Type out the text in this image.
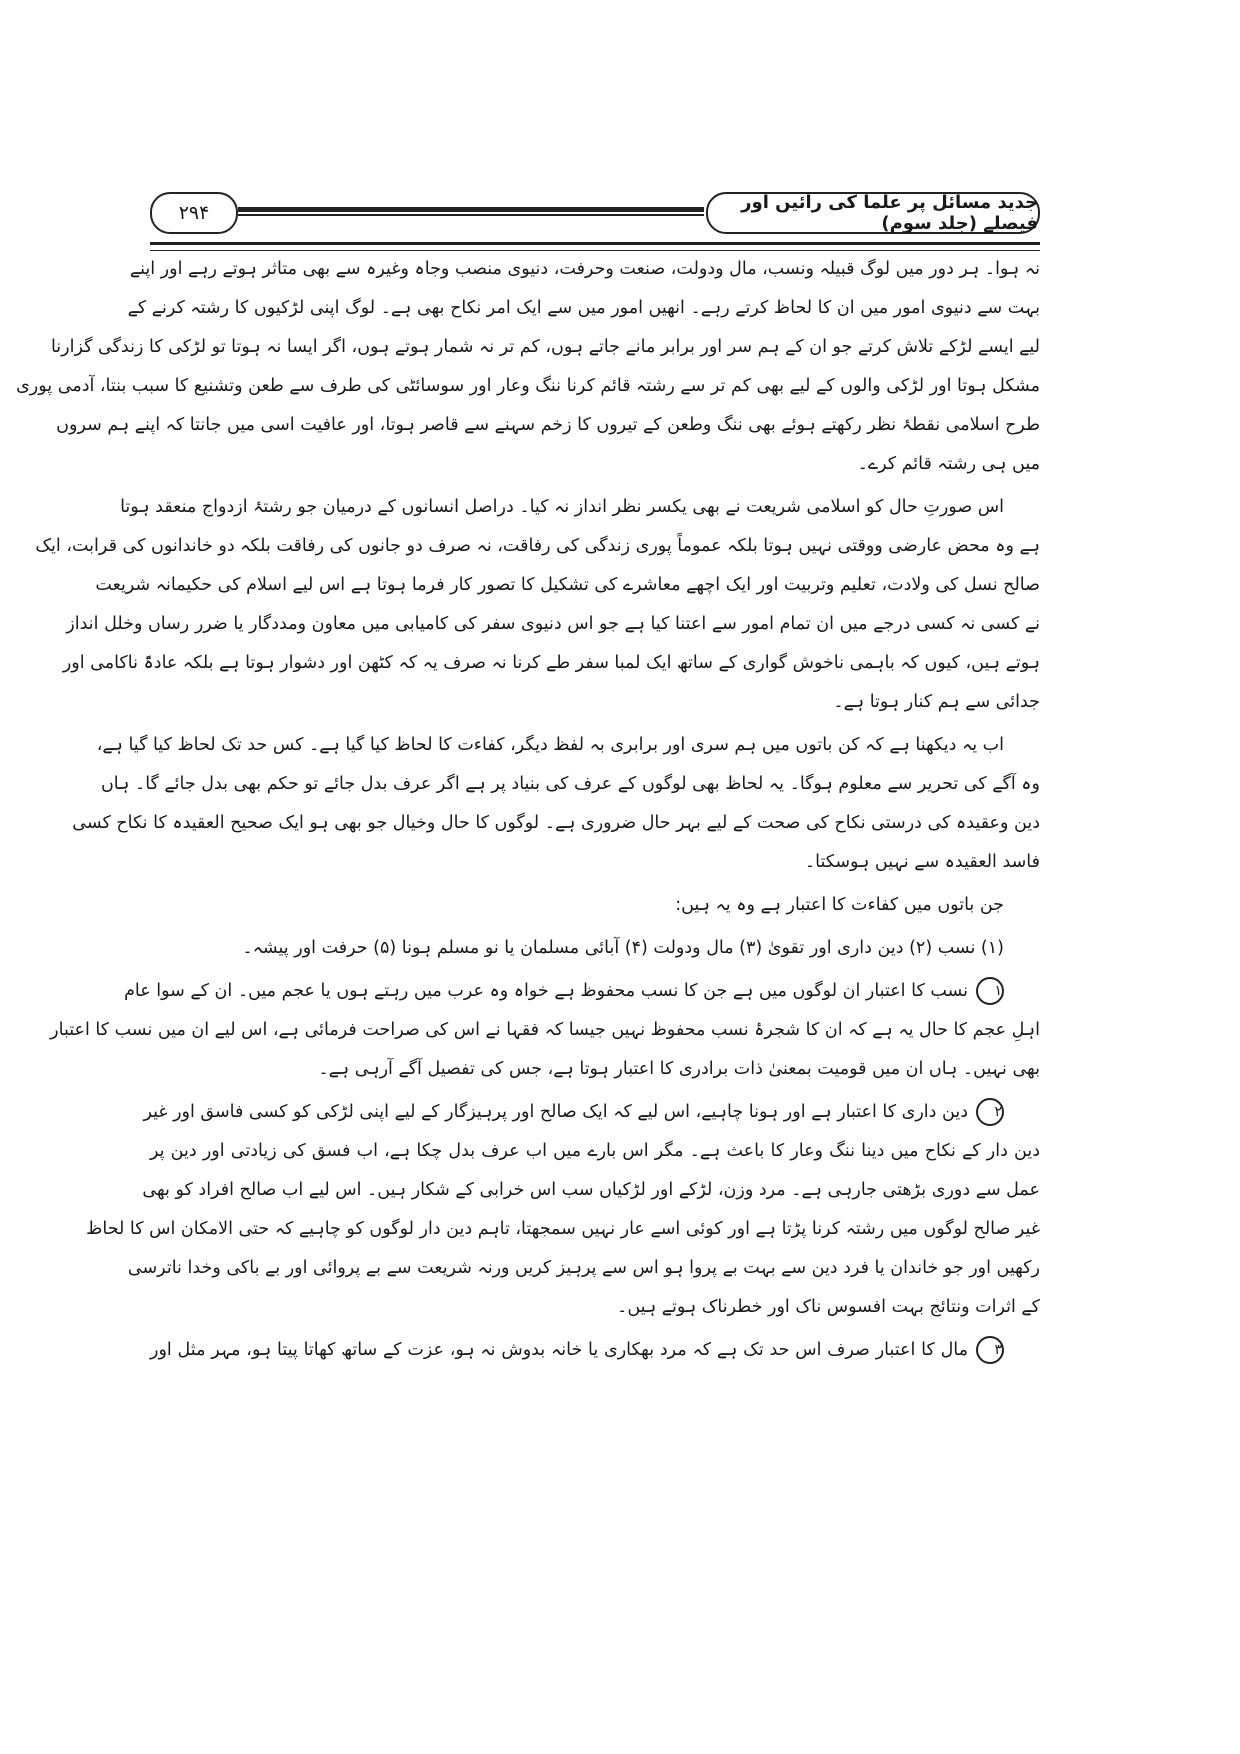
۲۹۴	جدید مسائل پر علما کی رائیں اور فیصلے (جلد سوم)
نہ ہوا۔ ہر دور میں لوگ قبیلہ ونسب، مال ودولت، صنعت وحرفت، دنیوی منصب وجاہ وغیرہ سے بھی متاثر ہوتے رہے اور اپنے
بہت سے دنیوی امور میں ان کا لحاظ کرتے رہے۔ انھیں امور میں سے ایک امر نکاح بھی ہے۔ لوگ اپنی لڑکیوں کا رشتہ کرنے کے
لیے ایسے لڑکے تلاش کرتے جو ان کے ہم سر اور برابر مانے جاتے ہوں، کم تر نہ شمار ہوتے ہوں، اگر ایسا نہ ہوتا تو لڑکی کا زندگی گزارنا
مشکل ہوتا اور لڑکی والوں کے لیے بھی کم تر سے رشتہ قائم کرنا ننگ وعار اور سوسائٹی کی طرف سے طعن وتشنیع کا سبب بنتا، آدمی پوری
طرح اسلامی نقطۂ نظر رکھتے ہوئے بھی ننگ وطعن کے تیروں کا زخم سہنے سے قاصر ہوتا، اور عافیت اسی میں جانتا کہ اپنے ہم سروں
میں ہی رشتہ قائم کرے۔
اس صورتِ حال کو اسلامی شریعت نے بھی یکسر نظر انداز نہ کیا۔ دراصل انسانوں کے درمیان جو رشتۂ ازدواج منعقد ہوتا
ہے وہ محض عارضی ووقتی نہیں ہوتا بلکہ عموماً پوری زندگی کی رفاقت، نہ صرف دو جانوں کی رفاقت بلکہ دو خاندانوں کی قرابت، ایک
صالح نسل کی ولادت، تعلیم وتربیت اور ایک اچھے معاشرے کی تشکیل کا تصور کار فرما ہوتا ہے اس لیے اسلام کی حکیمانہ شریعت
نے کسی نہ کسی درجے میں ان تمام امور سے اعتنا کیا ہے جو اس دنیوی سفر کی کامیابی میں معاون ومددگار یا ضرر رساں وخلل انداز
ہوتے ہیں، کیوں کہ باہمی ناخوش گواری کے ساتھ ایک لمبا سفر طے کرنا نہ صرف یہ کہ کٹھن اور دشوار ہوتا ہے بلکہ عادۃً ناکامی اور
جدائی سے ہم کنار ہوتا ہے۔
اب یہ دیکھنا ہے کہ کن باتوں میں ہم سری اور برابری بہ لفظ دیگر، کفاءت کا لحاظ کیا گیا ہے۔ کس حد تک لحاظ کیا گیا ہے،
وہ آگے کی تحریر سے معلوم ہوگا۔ یہ لحاظ بھی لوگوں کے عرف کی بنیاد پر ہے اگر عرف بدل جائے تو حکم بھی بدل جائے گا۔ ہاں
دین وعقیدہ کی درستی نکاح کی صحت کے لیے بہر حال ضروری ہے۔ لوگوں کا حال وخیال جو بھی ہو ایک صحیح العقیدہ کا نکاح کسی
فاسد العقیدہ سے نہیں ہوسکتا۔
جن باتوں میں کفاءت کا اعتبار ہے وہ یہ ہیں:
(۱) نسب (۲) دین داری اور تقویٰ (۳) مال ودولت (۴) آبائی مسلمان یا نو مسلم ہونا (۵) حرفت اور پیشہ۔
۱نسب کا اعتبار ان لوگوں میں ہے جن کا نسب محفوظ ہے خواہ وہ عرب میں رہتے ہوں یا عجم میں۔ ان کے سوا عام
اہلِ عجم کا حال یہ ہے کہ ان کا شجرۂ نسب محفوظ نہیں جیسا کہ فقہا نے اس کی صراحت فرمائی ہے، اس لیے ان میں نسب کا اعتبار
بھی نہیں۔ ہاں ان میں قومیت بمعنیٰ ذات برادری کا اعتبار ہوتا ہے، جس کی تفصیل آگے آرہی ہے۔
۲دین داری کا اعتبار ہے اور ہونا چاہیے، اس لیے کہ ایک صالح اور پرہیزگار کے لیے اپنی لڑکی کو کسی فاسق اور غیر
دین دار کے نکاح میں دینا ننگ وعار کا باعث ہے۔ مگر اس بارے میں اب عرف بدل چکا ہے، اب فسق کی زیادتی اور دین پر
عمل سے دوری بڑھتی جارہی ہے۔ مرد وزن، لڑکے اور لڑکیاں سب اس خرابی کے شکار ہیں۔ اس لیے اب صالح افراد کو بھی
غیر صالح لوگوں میں رشتہ کرنا پڑتا ہے اور کوئی اسے عار نہیں سمجھتا، تاہم دین دار لوگوں کو چاہیے کہ حتی الامکان اس کا لحاظ
رکھیں اور جو خاندان یا فرد دین سے بہت بے پروا ہو اس سے پرہیز کریں ورنہ شریعت سے بے پروائی اور بے باکی وخدا ناترسی
کے اثرات ونتائج بہت افسوس ناک اور خطرناک ہوتے ہیں۔
۳مال کا اعتبار صرف اس حد تک ہے کہ مرد بھکاری یا خانہ بدوش نہ ہو، عزت کے ساتھ کھاتا پیتا ہو، مہر مثل اور
